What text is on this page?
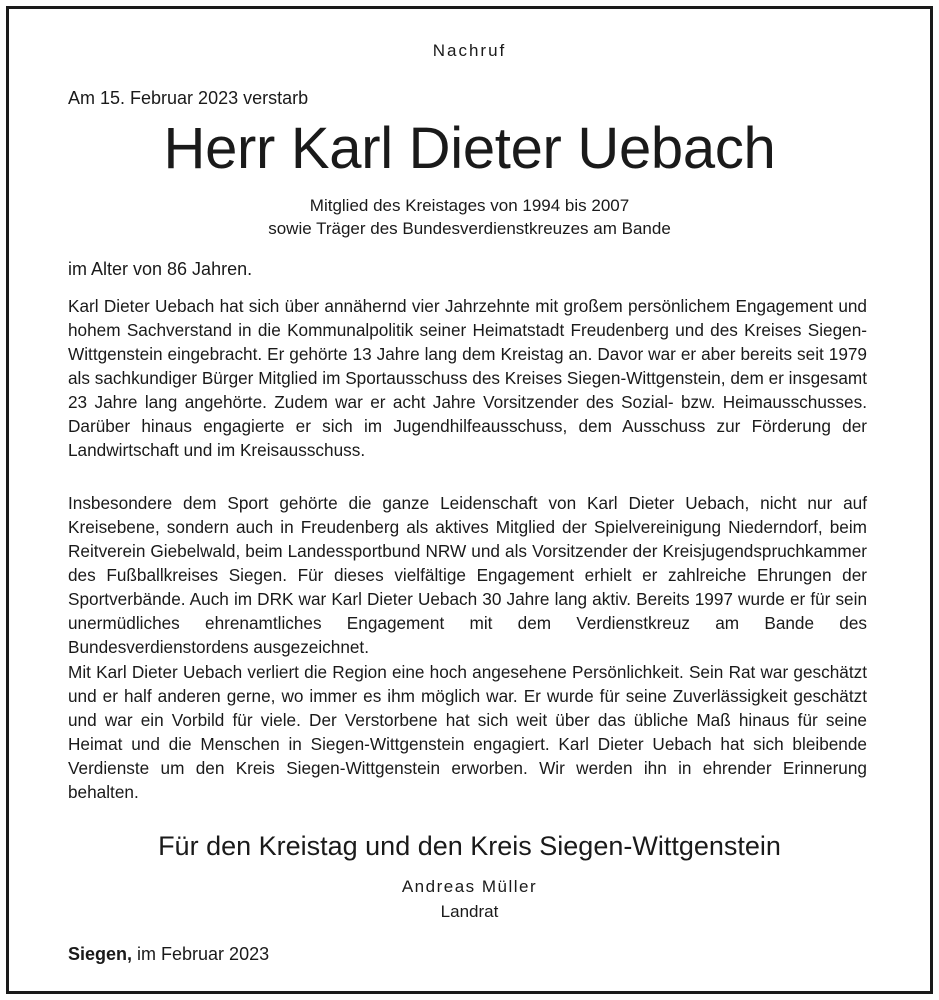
Nachruf
Am 15. Februar 2023 verstarb
Herr Karl Dieter Uebach
Mitglied des Kreistages von 1994 bis 2007
sowie Träger des Bundesverdienstkreuzes am Bande
im Alter von 86 Jahren.

Karl Dieter Uebach hat sich über annähernd vier Jahrzehnte mit großem persönlichem Engagement und hohem Sachverstand in die Kommunalpolitik seiner Heimatstadt Freudenberg und des Kreises Siegen-Wittgenstein eingebracht. Er gehörte 13 Jahre lang dem Kreistag an. Davor war er aber bereits seit 1979 als sachkundiger Bürger Mitglied im Sportausschuss des Kreises Siegen-Wittgenstein, dem er insgesamt 23 Jahre lang angehörte. Zudem war er acht Jahre Vorsitzender des Sozial- bzw. Heimausschusses. Darüber hinaus engagierte er sich im Jugendhilfeausschuss, dem Ausschuss zur Förderung der Landwirtschaft und im Kreisausschuss.

Insbesondere dem Sport gehörte die ganze Leidenschaft von Karl Dieter Uebach, nicht nur auf Kreisebene, sondern auch in Freudenberg als aktives Mitglied der Spielvereinigung Niederndorf, beim Reitverein Giebelwald, beim Landessportbund NRW und als Vorsitzender der Kreisjugendspruchkammer des Fußballkreises Siegen. Für dieses vielfältige Engagement erhielt er zahlreiche Ehrungen der Sportverbände. Auch im DRK war Karl Dieter Uebach 30 Jahre lang aktiv. Bereits 1997 wurde er für sein unermüdliches ehrenamtliches Engagement mit dem Verdienstkreuz am Bande des Bundesverdienstordens ausgezeichnet.

Mit Karl Dieter Uebach verliert die Region eine hoch angesehene Persönlichkeit. Sein Rat war geschätzt und er half anderen gerne, wo immer es ihm möglich war. Er wurde für seine Zuverlässigkeit geschätzt und war ein Vorbild für viele. Der Verstorbene hat sich weit über das übliche Maß hinaus für seine Heimat und die Menschen in Siegen-Wittgenstein engagiert. Karl Dieter Uebach hat sich bleibende Verdienste um den Kreis Siegen-Wittgenstein erworben. Wir werden ihn in ehrender Erinnerung behalten.

Für den Kreistag und den Kreis Siegen-Wittgenstein
Andreas Müller
Landrat
Siegen, im Februar 2023
